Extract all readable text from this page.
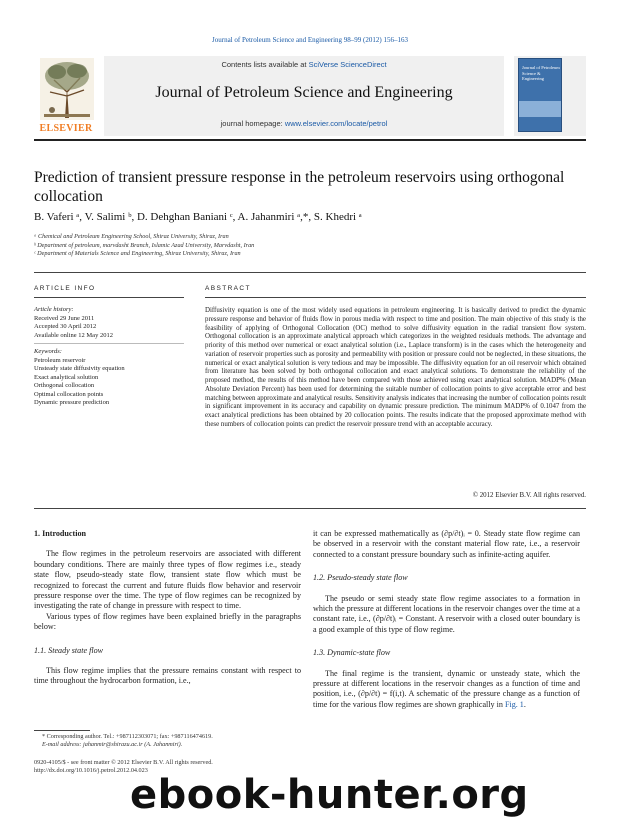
Journal of Petroleum Science and Engineering 98–99 (2012) 156–163
ELSEVIER
Contents lists available at SciVerse ScienceDirect
Journal of Petroleum Science and Engineering
journal homepage: www.elsevier.com/locate/petrol
Journal of Petroleum Science & Engineering
Prediction of transient pressure response in the petroleum reservoirs using orthogonal collocation
B. Vaferi ᵃ, V. Salimi ᵇ, D. Dehghan Baniani ᶜ, A. Jahanmiri ᵃ,*, S. Khedri ᵃ
ᵃ Chemical and Petroleum Engineering School, Shiraz University, Shiraz, Iran
ᵇ Department of petroleum, marvdasht Branch, Islamic Azad University, Marvdasht, Iran
ᶜ Department of Materials Science and Engineering, Shiraz University, Shiraz, Iran
ARTICLE INFO	ABSTRACT
Article history:
Received 29 June 2011
Accepted 30 April 2012
Available online 12 May 2012
Keywords:
Petroleum reservoir
Unsteady state diffusivity equation
Exact analytical solution
Orthogonal collocation
Optimal collocation points
Dynamic pressure prediction
Diffusivity equation is one of the most widely used equations in petroleum engineering. It is basically derived to predict the dynamic pressure response and behavior of fluids flow in porous media with respect to time and position. The main objective of this study is the feasibility of applying of Orthogonal Collocation (OC) method to solve diffusivity equation in the radial transient flow system. Orthogonal collocation is an approximate analytical approach which categorizes in the weighted residuals methods. The advantage and priority of this method over numerical or exact analytical solution (i.e., Laplace transform) is in the cases which the heterogeneity and variation of reservoir properties such as porosity and permeability with position or pressure could not be neglected, in these situations, the numerical or exact analytical solution is very tedious and may be impossible. The diffusivity equation for an oil reservoir which obtained from literature has been solved by both orthogonal collocation and exact analytical solutions. To demonstrate the reliability of the proposed method, the results of this method have been compared with those achieved using exact analytical solution. MADP% (Mean Absolute Deviation Percent) has been used for determining the suitable number of collocation points to give acceptable error and best matching between approximate and analytical results. Sensitivity analysis indicates that increasing the number of collocation points result in significant improvement in its accuracy and capability on dynamic pressure prediction. The minimum MADP% of 0.1047 from the exact analytical predictions has been obtained by 20 collocation points. The results indicate that the proposed approximate method with these numbers of collocation points can predict the reservoir pressure trend with an acceptable accuracy.
© 2012 Elsevier B.V. All rights reserved.
1. Introduction

The flow regimes in the petroleum reservoirs are associated with different boundary conditions. There are mainly three types of flow regimes i.e., steady state flow, pseudo-steady state flow, transient state flow which must be recognized to forecast the current and future fluids flow behavior and reservoir pressure response over the time. The type of flow regimes can be recognized by investigating the rate of change in pressure with respect to time.

Various types of flow regimes have been explained briefly in the paragraphs below:

1.1. Steady state flow

This flow regime implies that the pressure remains constant with respect to time throughout the hydrocarbon formation, i.e.,

it can be expressed mathematically as (∂p/∂t)ᵢ = 0. Steady state flow regime can be observed in a reservoir with the constant material flow rate, i.e., a reservoir connected to a constant pressure boundary such as infinite-acting aquifer.

1.2. Pseudo-steady state flow

The pseudo or semi steady state flow regime associates to a formation in which the pressure at different locations in the reservoir changes over the time at a constant rate, i.e., (∂p/∂t)ᵢ = Constant. A reservoir with a closed outer boundary is a good example of this type of flow regime.

1.3. Dynamic-state flow

The final regime is the transient, dynamic or unsteady state, which the pressure at different locations in the reservoir changes as a function of time and position, i.e., (∂p/∂t) = f(i,t). A schematic of the pressure change as a function of time for the various flow regimes are shown graphically in Fig. 1.

* Corresponding author. Tel.: +987112303071; fax: +987116474619.
E-mail address: jahanmir@shirazu.ac.ir (A. Jahanmiri).
0920-4105/$ - see front matter © 2012 Elsevier B.V. All rights reserved.
http://dx.doi.org/10.1016/j.petrol.2012.04.023
ebook-hunter.org
